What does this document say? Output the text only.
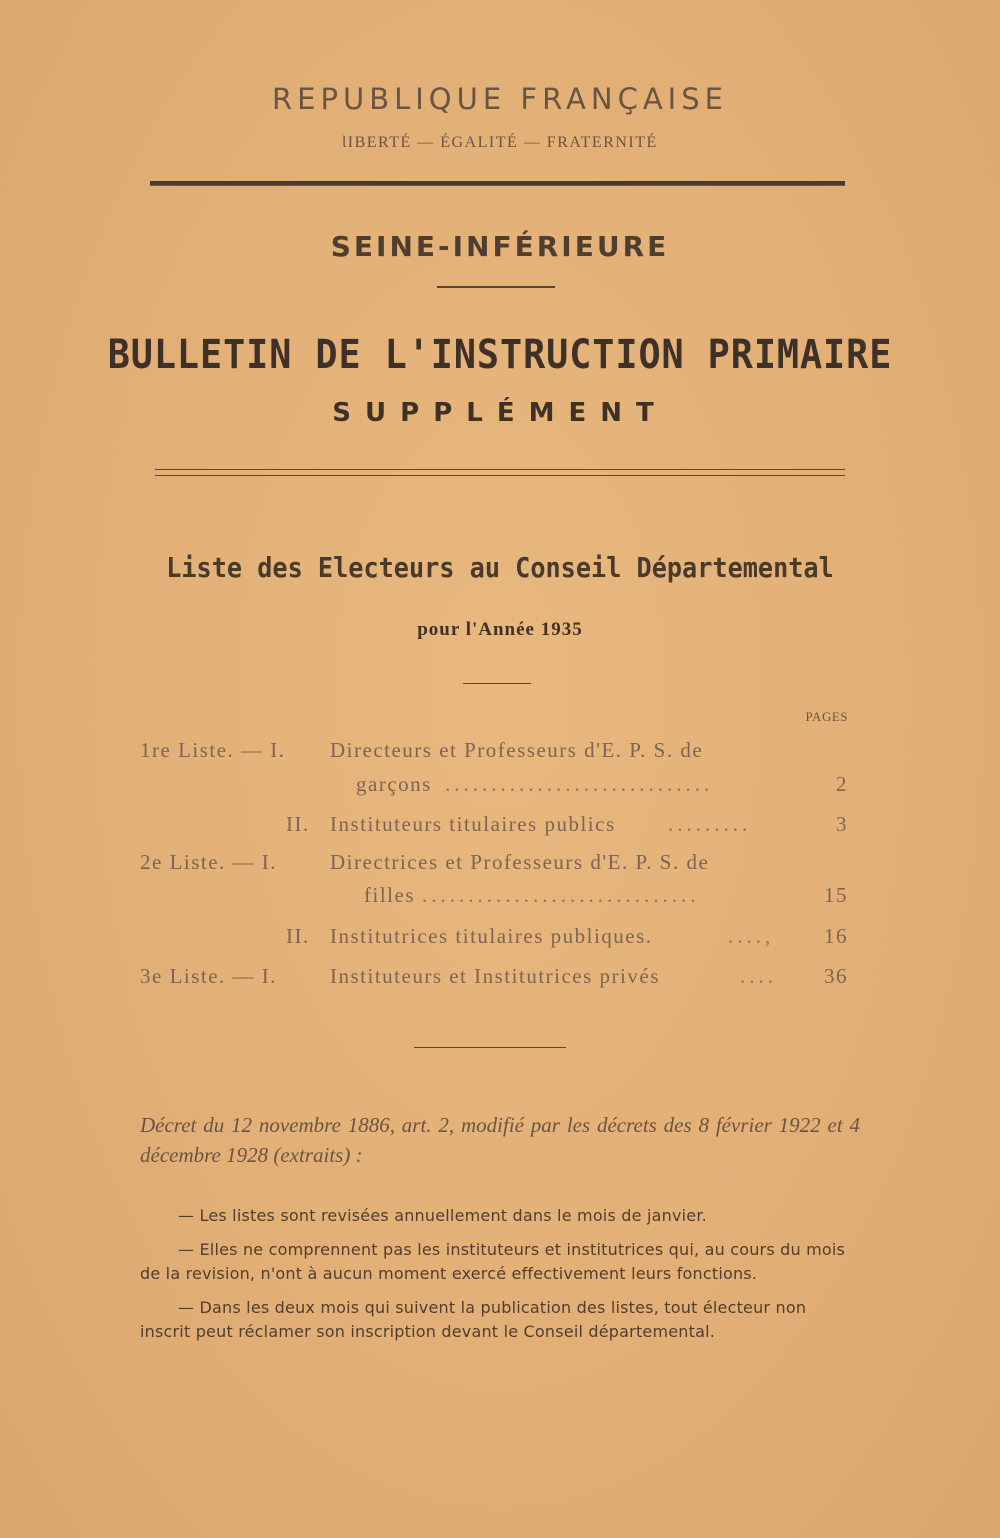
REPUBLIQUE FRANÇAISE
ƖIBERTÉ — ÉGALITÉ — FRATERNITÉ
SEINE-INFÉRIEURE
BULLETIN DE L'INSTRUCTION PRIMAIRE
SUPPLÉMENT
Liste des Electeurs au Conseil Départemental
pour l'Année 1935
PAGES
1re Liste. — I. Directeurs et Professeurs d'E. P. S. de
garçons .............................	2
II. Instituteurs titulaires publics .........	3
2e Liste. — I.	Directrices et Professeurs d'E. P. S. de
filles ..............................	15
II. Institutrices titulaires publiques.	...., 16
3e Liste. — I.	Instituteurs et Institutrices privés	.... 36
Décret du 12 novembre 1886, art. 2, modifié par les décrets des 8 février 1922 et 4 décembre 1928 (extraits) :
— Les listes sont revisées annuellement dans le mois de janvier.
— Elles ne comprennent pas les instituteurs et institutrices qui, au cours du mois de la revision, n'ont à aucun moment exercé effectivement leurs fonctions.
— Dans les deux mois qui suivent la publication des listes, tout électeur non inscrit peut réclamer son inscription devant le Conseil départemental.
